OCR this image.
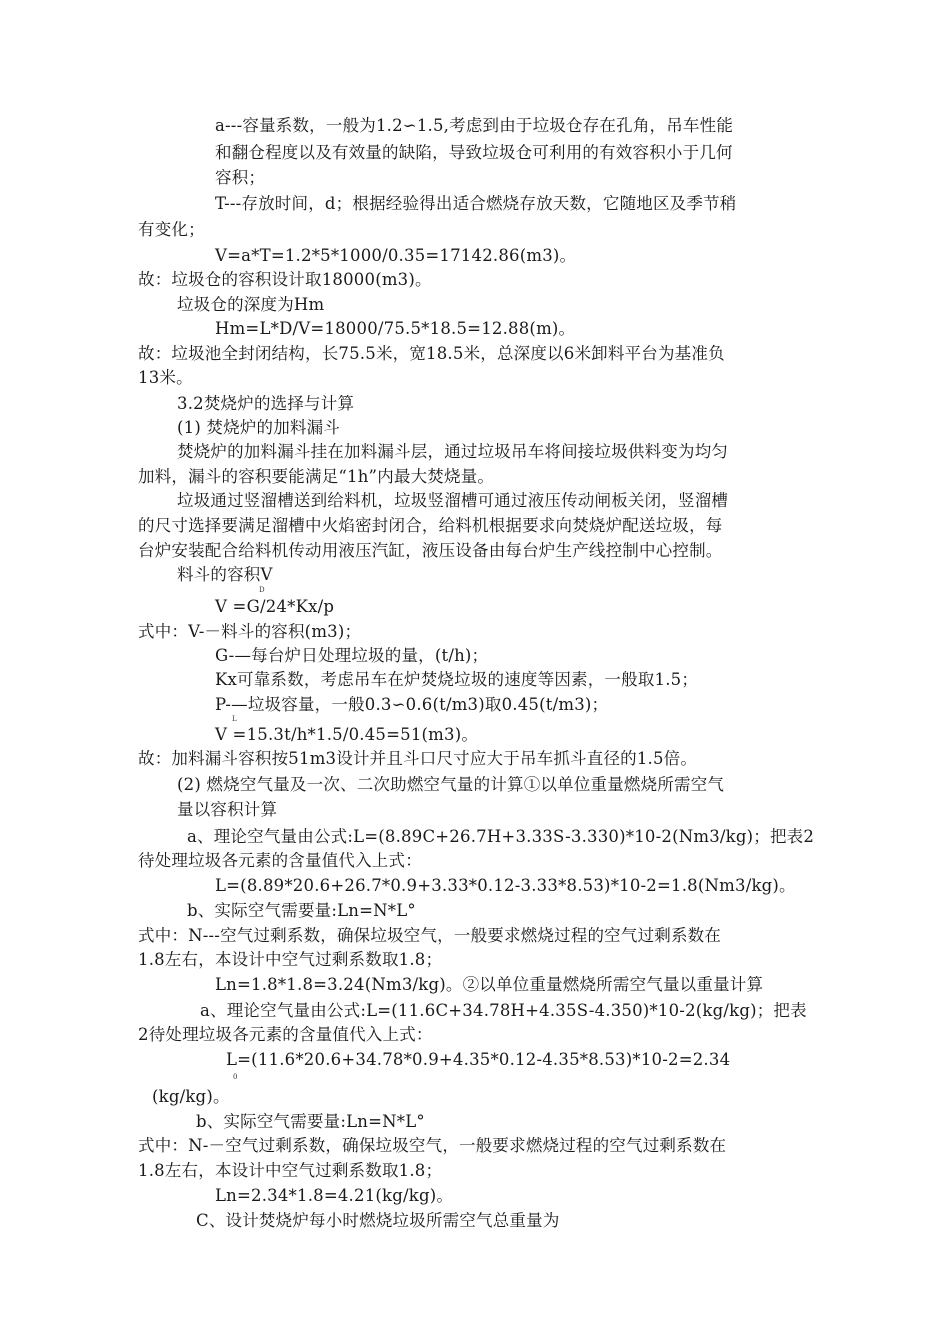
a---容量系数，一般为1.2∽1.5,考虑到由于垃圾仓存在孔角，吊车性能
和翻仓程度以及有效量的缺陷，导致垃圾仓可利用的有效容积小于几何
容积；
T---存放时间，d；根据经验得出适合燃烧存放天数，它随地区及季节稍
有变化；
V=a*T=1.2*5*1000/0.35=17142.86(m3)。
故：垃圾仓的容积设计取18000(m3)。
垃圾仓的深度为Hm
Hm=L*D/V=18000/75.5*18.5=12.88(m)。
故：垃圾池全封闭结构，长75.5米，宽18.5米，总深度以6米卸料平台为基准负
13米。
3.2焚烧炉的选择与计算
(1) 焚烧炉的加料漏斗
焚烧炉的加料漏斗挂在加料漏斗层，通过垃圾吊车将间接垃圾供料变为均匀
加料，漏斗的容积要能满足“1h”内最大焚烧量。
垃圾通过竖溜槽送到给料机，垃圾竖溜槽可通过液压传动闸板关闭，竖溜槽
的尺寸选择要满足溜槽中火焰密封闭合，给料机根据要求向焚烧炉配送垃圾，每
台炉安装配合给料机传动用液压汽缸，液压设备由每台炉生产线控制中心控制。
料斗的容积V
D
V =G/24*Kx/p
式中：V-－料斗的容积(m3)；
G-—每台炉日处理垃圾的量，(t/h)；
Kx可靠系数，考虑吊车在炉焚烧垃圾的速度等因素，一般取1.5；
P-—垃圾容量，一般0.3∽0.6(t/m3)取0.45(t/m3)；
L
V =15.3t/h*1.5/0.45=51(m3)。
故：加料漏斗容积按51m3设计并且斗口尺寸应大于吊车抓斗直径的1.5倍。
(2) 燃烧空气量及一次、二次助燃空气量的计算①以单位重量燃烧所需空气
量以容积计算
a、理论空气量由公式:L=(8.89C+26.7H+3.33S-3.330)*10-2(Nm3/kg)；把表2
待处理垃圾各元素的含量值代入上式：
L=(8.89*20.6+26.7*0.9+3.33*0.12-3.33*8.53)*10-2=1.8(Nm3/kg)。
b、实际空气需要量:Ln=N*L°
式中：N---空气过剩系数，确保垃圾空气，一般要求燃烧过程的空气过剩系数在
1.8左右，本设计中空气过剩系数取1.8；
Ln=1.8*1.8=3.24(Nm3/kg)。②以单位重量燃烧所需空气量以重量计算
a、理论空气量由公式:L=(11.6C+34.78H+4.35S-4.350)*10-2(kg/kg)；把表
2待处理垃圾各元素的含量值代入上式：
L=(11.6*20.6+34.78*0.9+4.35*0.12-4.35*8.53)*10-2=2.34
0
(kg/kg)。
b、实际空气需要量:Ln=N*L°
式中：N-－空气过剩系数，确保垃圾空气，一般要求燃烧过程的空气过剩系数在
1.8左右，本设计中空气过剩系数取1.8；
Ln=2.34*1.8=4.21(kg/kg)。
C、设计焚烧炉每小时燃烧垃圾所需空气总重量为
